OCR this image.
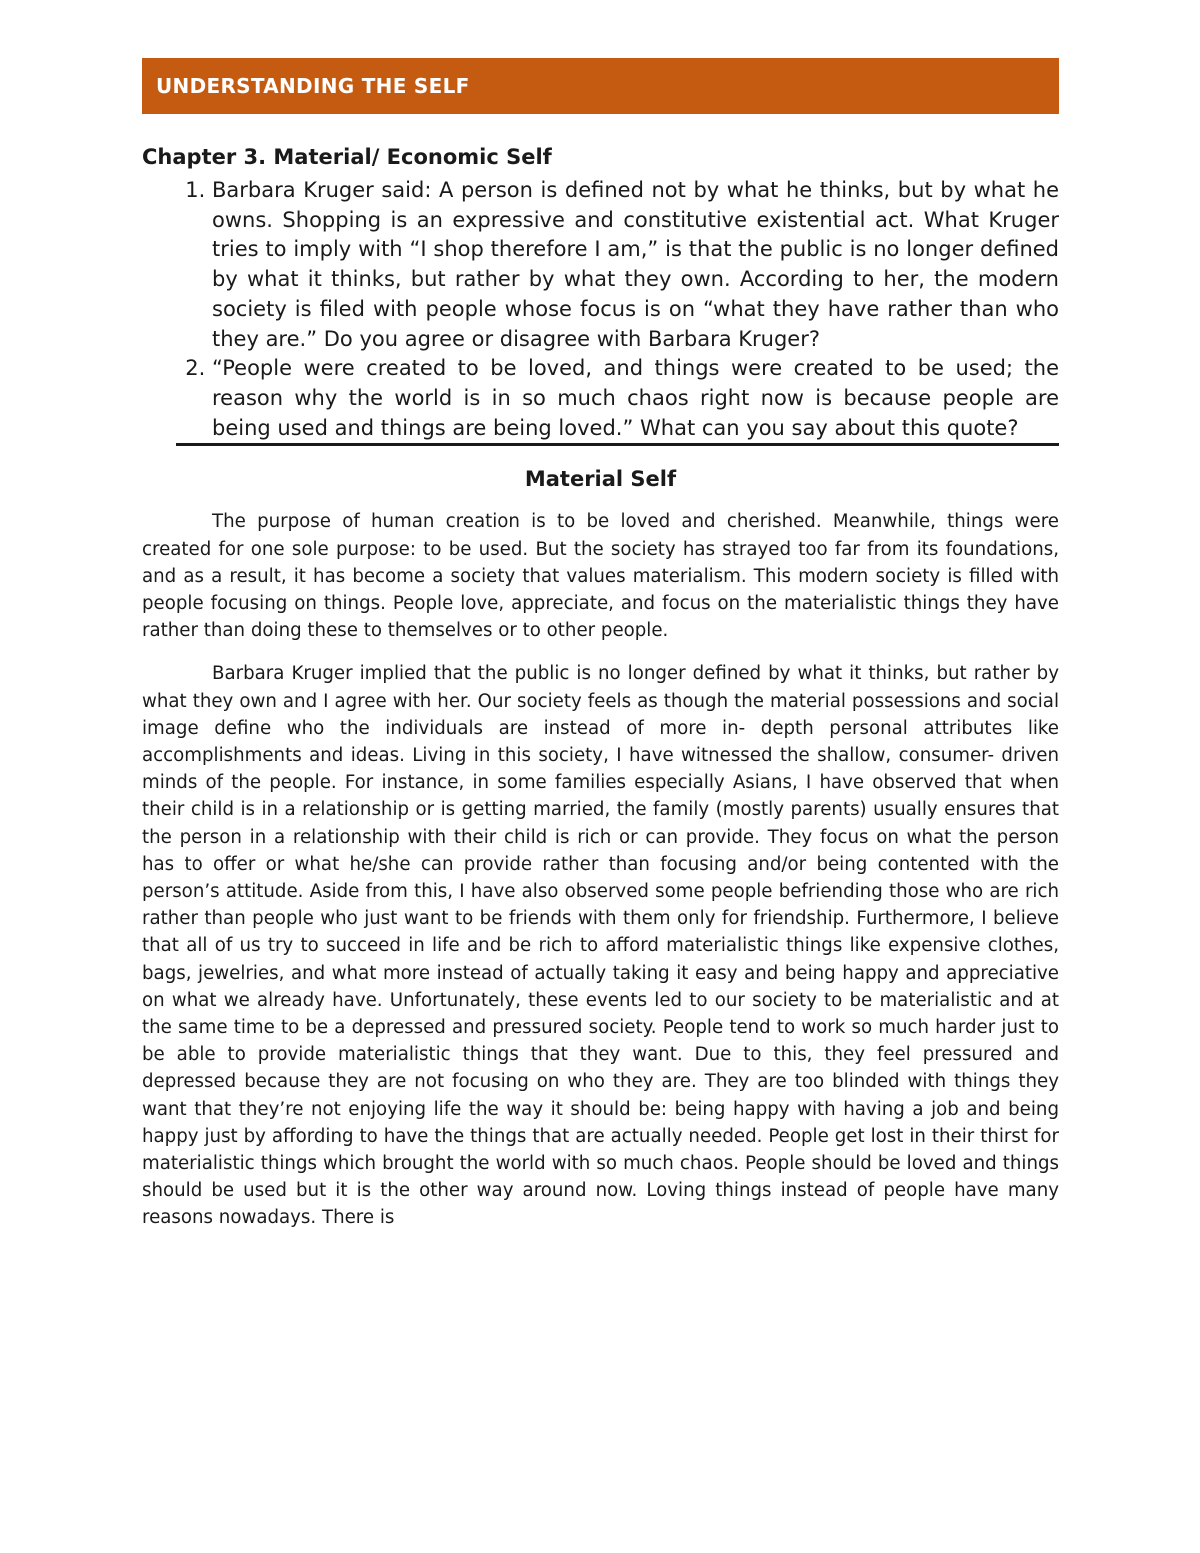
UNDERSTANDING THE SELF
Chapter 3. Material/ Economic Self
1. Barbara Kruger said: A person is defined not by what he thinks, but by what he owns. Shopping is an expressive and constitutive existential act. What Kruger tries to imply with “I shop therefore I am,” is that the public is no longer defined by what it thinks, but rather by what they own. According to her, the modern society is filed with people whose focus is on “what they have rather than who they are.” Do you agree or disagree with Barbara Kruger?
2. “People were created to be loved, and things were created to be used; the reason why the world is in so much chaos right now is because people are being used and things are being loved.” What can you say about this quote?
Material Self

The purpose of human creation is to be loved and cherished. Meanwhile, things were created for one sole purpose: to be used. But the society has strayed too far from its foundations, and as a result, it has become a society that values materialism. This modern society is filled with people focusing on things. People love, appreciate, and focus on the materialistic things they have rather than doing these to themselves or to other people.

Barbara Kruger implied that the public is no longer defined by what it thinks, but rather by what they own and I agree with her. Our society feels as though the material possessions and social image define who the individuals are instead of more in- depth personal attributes like accomplishments and ideas. Living in this society, I have witnessed the shallow, consumer- driven minds of the people. For instance, in some families especially Asians, I have observed that when their child is in a relationship or is getting married, the family (mostly parents) usually ensures that the person in a relationship with their child is rich or can provide. They focus on what the person has to offer or what he/she can provide rather than focusing and/or being contented with the person’s attitude. Aside from this, I have also observed some people befriending those who are rich rather than people who just want to be friends with them only for friendship. Furthermore, I believe that all of us try to succeed in life and be rich to afford materialistic things like expensive clothes, bags, jewelries, and what more instead of actually taking it easy and being happy and appreciative on what we already have. Unfortunately, these events led to our society to be materialistic and at the same time to be a depressed and pressured society. People tend to work so much harder just to be able to provide materialistic things that they want. Due to this, they feel pressured and depressed because they are not focusing on who they are. They are too blinded with things they want that they’re not enjoying life the way it should be: being happy with having a job and being happy just by affording to have the things that are actually needed. People get lost in their thirst for materialistic things which brought the world with so much chaos. People should be loved and things should be used but it is the other way around now. Loving things instead of people have many reasons nowadays. There is
